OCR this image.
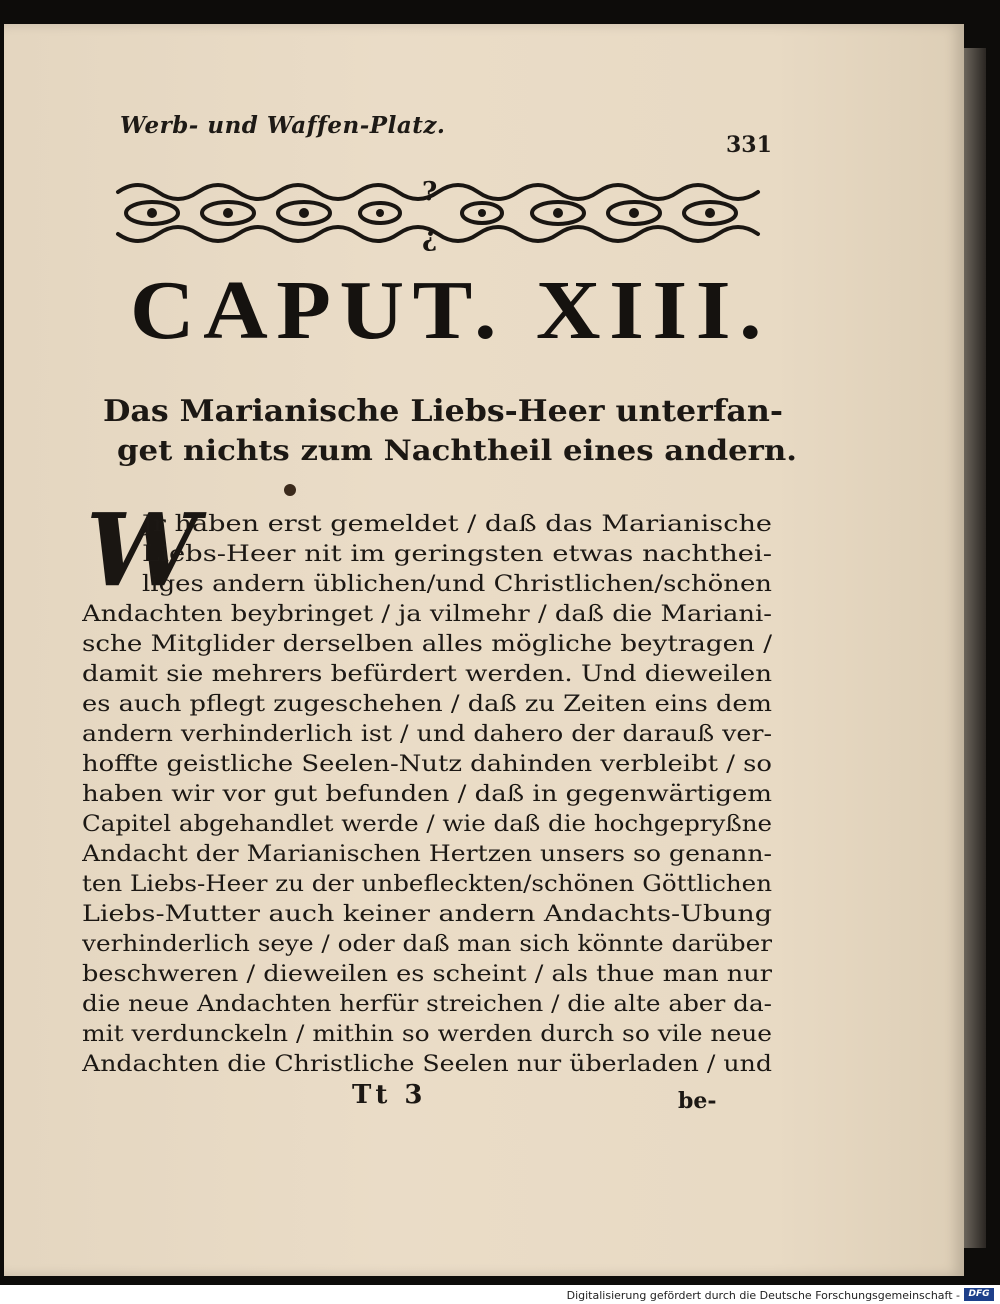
Werb- und Waffen-Platz.
331
?
¿
CAPUT. XIII.
Das Marianische Liebs-Heer unterfan-
get nichts zum Nachtheil eines andern.
W
Jr haben erst gemeldet / daß das Marianische
Liebs-Heer nit im geringsten etwas nachthei-
liges andern üblichen/und Christlichen/schönen
Andachten beybringet / ja vilmehr / daß die Mariani-
sche Mitglider derselben alles mögliche beytragen /
damit sie mehrers befürdert werden. Und dieweilen
es auch pflegt zugeschehen / daß zu Zeiten eins dem
andern verhinderlich ist / und dahero der darauß ver-
hoffte geistliche Seelen-Nutz dahinden verbleibt / so
haben wir vor gut befunden / daß in gegenwärtigem
Capitel abgehandlet werde / wie daß die hochgepryßne
Andacht der Marianischen Hertzen unsers so genann-
ten Liebs-Heer zu der unbefleckten/schönen Göttlichen
Liebs-Mutter auch keiner andern Andachts-Ubung
verhinderlich seye / oder daß man sich könnte darüber
beschweren / dieweilen es scheint / als thue man nur
die neue Andachten herfür streichen / die alte aber da-
mit verdunckeln / mithin so werden durch so vile neue
Andachten die Christliche Seelen nur überladen / und
Tt 3	be-
Digitalisierung gefördert durch die Deutsche Forschungsgemeinschaft - DFG
